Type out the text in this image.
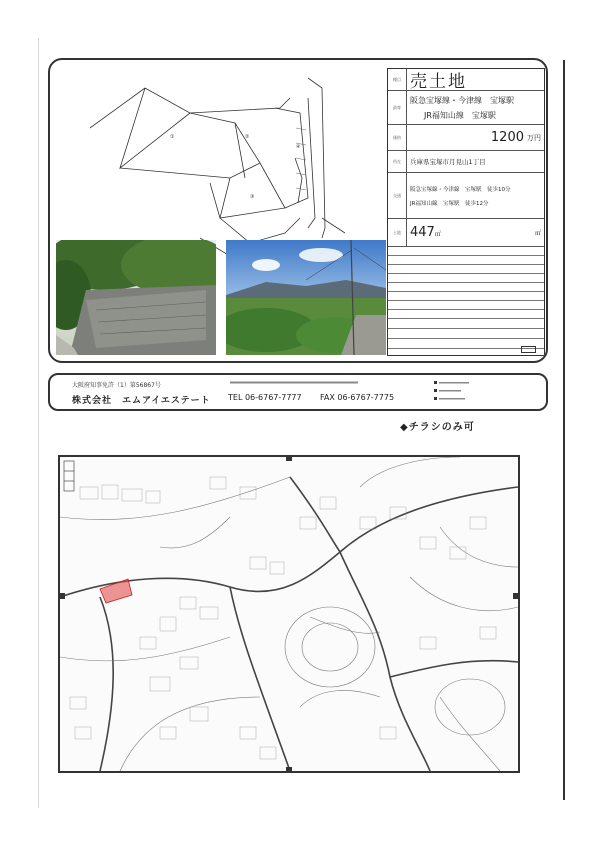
①	②
③
④
種目 売土地
最寄
阪急宝塚線・今津線　宝塚駅
JR福知山線　宝塚駅
価格	1200 万円
所在	兵庫県宝塚市月見山1丁目
交通
阪急宝塚線・今津線　宝塚駅　徒歩10分
JR福知山線　宝塚駅　徒歩12分
土地 447㎡	㎡

大阪府知事免許（1）第56867号
株式会社　エムアイエステート TEL 06-6767-7777 FAX 06-6767-7775
◆チラシのみ可
